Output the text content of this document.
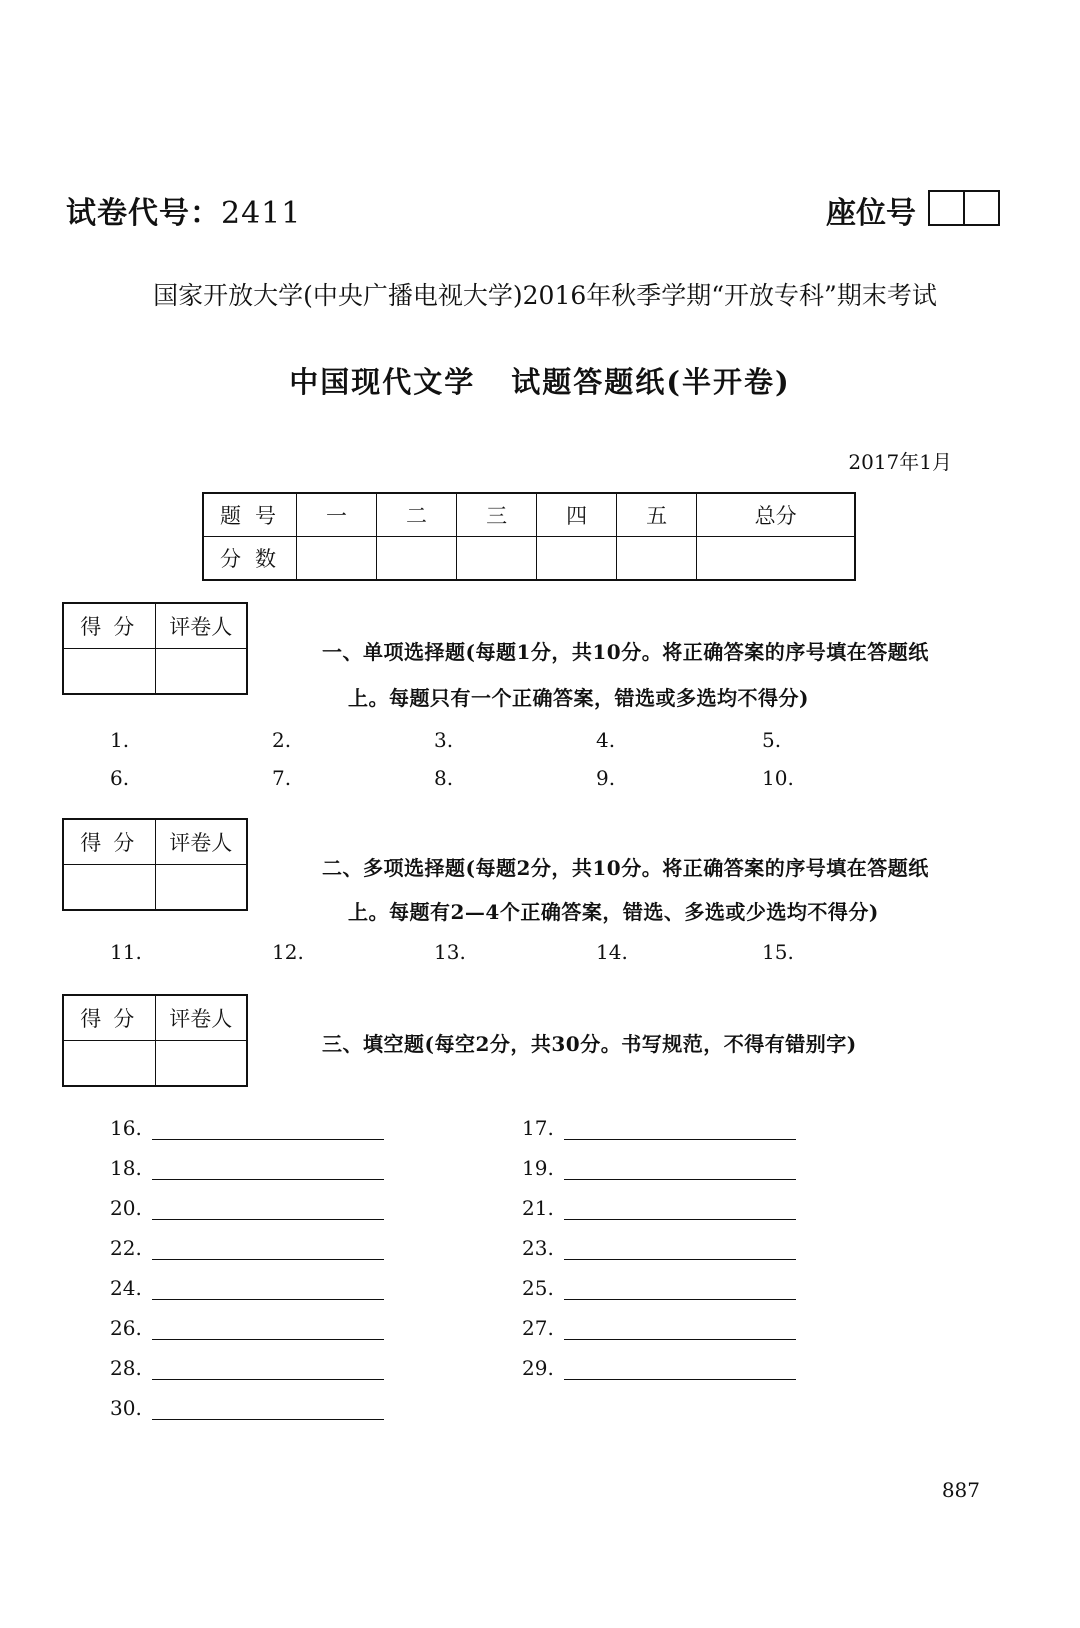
试卷代号：2411	座位号
国家开放大学(中央广播电视大学)2016年秋季学期“开放专科”期末考试
中国现代文学 试题答题纸(半开卷)
2017年1月
题号	一	二	三	四	五	总分
分数						
得分	评卷人

一、单项选择题(每题1分，共10分。将正确答案的序号填在答题纸
上。每题只有一个正确答案，错选或多选均不得分)
1.	2.	3.	4.	5.
6.	7.	8.	9.	10.
得分	评卷人

二、多项选择题(每题2分，共10分。将正确答案的序号填在答题纸
上。每题有2—4个正确答案，错选、多选或少选均不得分)
11.	12.	13.	14.	15.
得分	评卷人

三、填空题(每空2分，共30分。书写规范，不得有错别字)
16.	17.
18.	19.
20.	21.
22.	23.
24.	25.
26.	27.
28.	29.
30.
887
